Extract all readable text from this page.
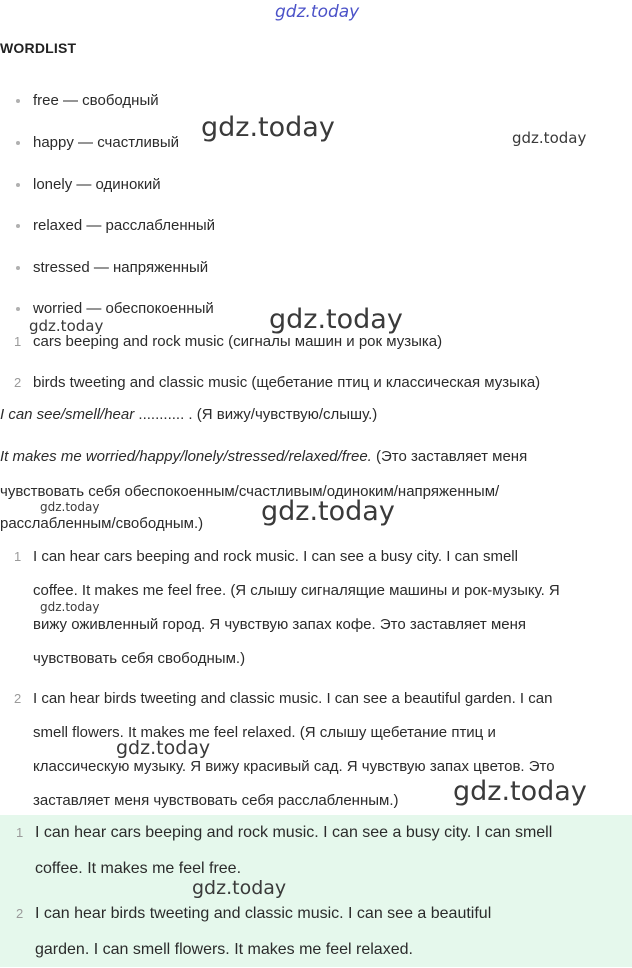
gdz.today
WORDLIST
free — свободный
happy — счастливый
lonely — одинокий
relaxed — расслабленный
stressed — напряженный
worried — обеспокоенный
1 cars beeping and rock music (сигналы машин и рок музыка)
2 birds tweeting and classic music (щебетание птиц и классическая музыка)
I can see/smell/hear ........... . (Я вижу/чувствую/слышу.)
It makes me worried/happy/lonely/stressed/relaxed/free. (Это заставляет меня
чувствовать себя обеспокоенным/счастливым/одиноким/напряженным/
расслабленным/свободным.)
1 I can hear cars beeping and rock music. I can see a busy city. I can smell
coffee. It makes me feel free. (Я слышу сигналящие машины и рок-музыку. Я
вижу оживленный город. Я чувствую запах кофе. Это заставляет меня
чувствовать себя свободным.)
2 I can hear birds tweeting and classic music. I can see a beautiful garden. I can
smell flowers. It makes me feel relaxed. (Я слышу щебетание птиц и
классическую музыку. Я вижу красивый сад. Я чувствую запах цветов. Это
заставляет меня чувствовать себя расслабленным.)
1 I can hear cars beeping and rock music. I can see a busy city. I can smell
coffee. It makes me feel free.
2 I can hear birds tweeting and classic music. I can see a beautiful
garden. I can smell flowers. It makes me feel relaxed.
gdz.today	gdz.today
gdz.today	gdz.today
gdz.today	gdz.today
gdz.today
gdz.today
gdz.today
gdz.today
